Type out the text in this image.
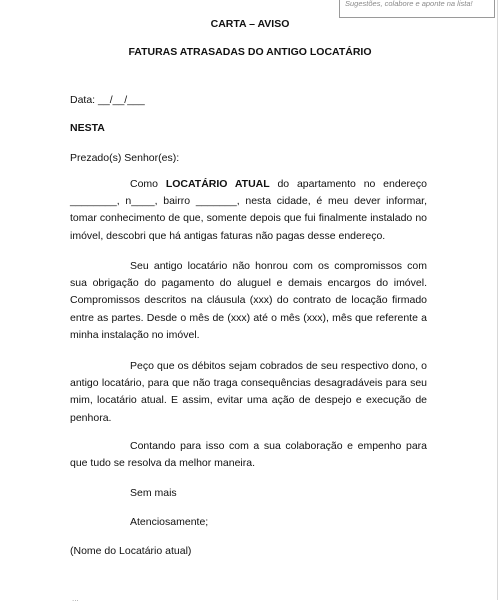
Sugestões, colabore e aponte na lista!
CARTA – AVISO
FATURAS ATRASADAS DO ANTIGO LOCATÁRIO
Data: __/__/___
NESTA
Prezado(s) Senhor(es):

Como LOCATÁRIO ATUAL do apartamento no endereço ________, n____, bairro _______, nesta cidade, é meu dever informar, tomar conhecimento de que, somente depois que fui finalmente instalado no imóvel, descobri que há antigas faturas não pagas desse endereço.

Seu antigo locatário não honrou com os compromissos com sua obrigação do pagamento do aluguel e demais encargos do imóvel. Compromissos descritos na cláusula (xxx) do contrato de locação firmado entre as partes. Desde o mês de (xxx) até o mês (xxx), mês que referente a minha instalação no imóvel.

Peço que os débitos sejam cobrados de seu respectivo dono, o antigo locatário, para que não traga consequências desagradáveis para seu mim, locatário atual. E assim, evitar uma ação de despejo e execução de penhora.

Contando para isso com a sua colaboração e empenho para que tudo se resolva da melhor maneira.

Sem mais
Atenciosamente;
(Nome do Locatário atual)
...
